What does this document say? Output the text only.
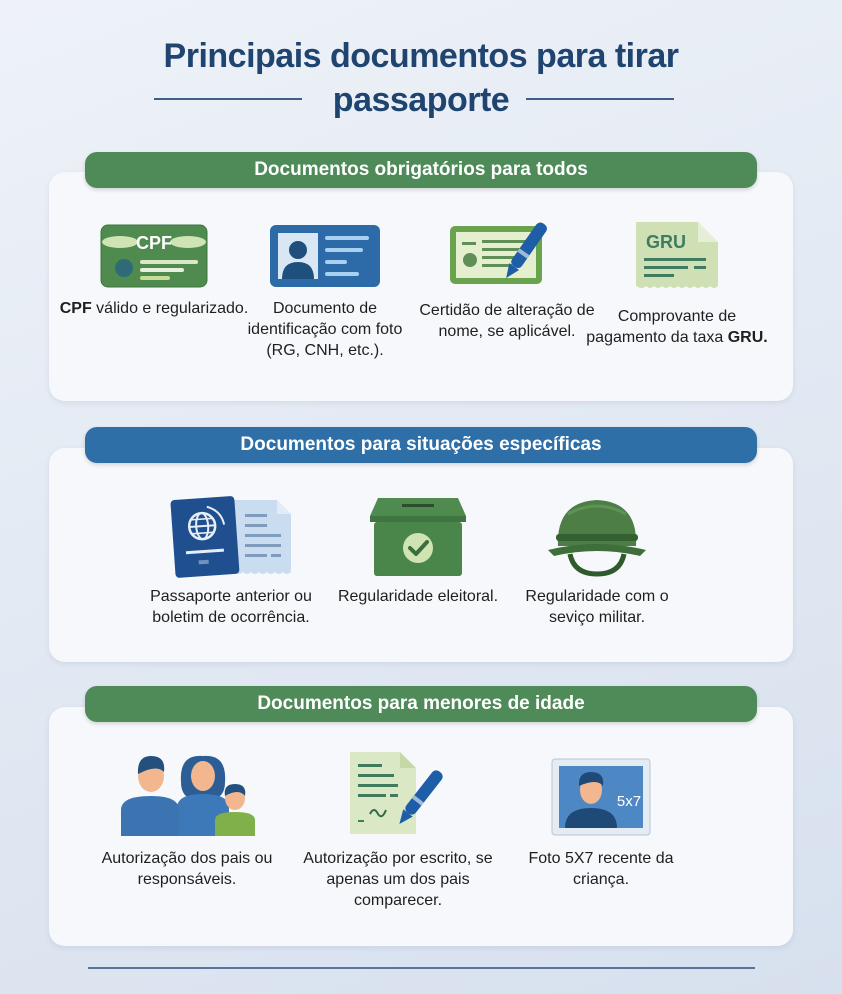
Principais documentos para tirar
passaporte
Documentos obrigatórios para todos
CPF
CPF válido e regularizado.	Documento de identificação com foto (RG, CNH, etc.).
Certidão de alteração de nome, se aplicável.
GRU
Comprovante de pagamento da taxa GRU.
Documentos para situações específicas
Passaporte anterior ou boletim de ocorrência.
Regularidade eleitoral.	Regularidade com o seviço militar.
Documentos para menores de idade
Autorização dos pais ou responsáveis.
Autorização por escrito, se apenas um dos pais comparecer.
5x7
Foto 5X7 recente da criança.
